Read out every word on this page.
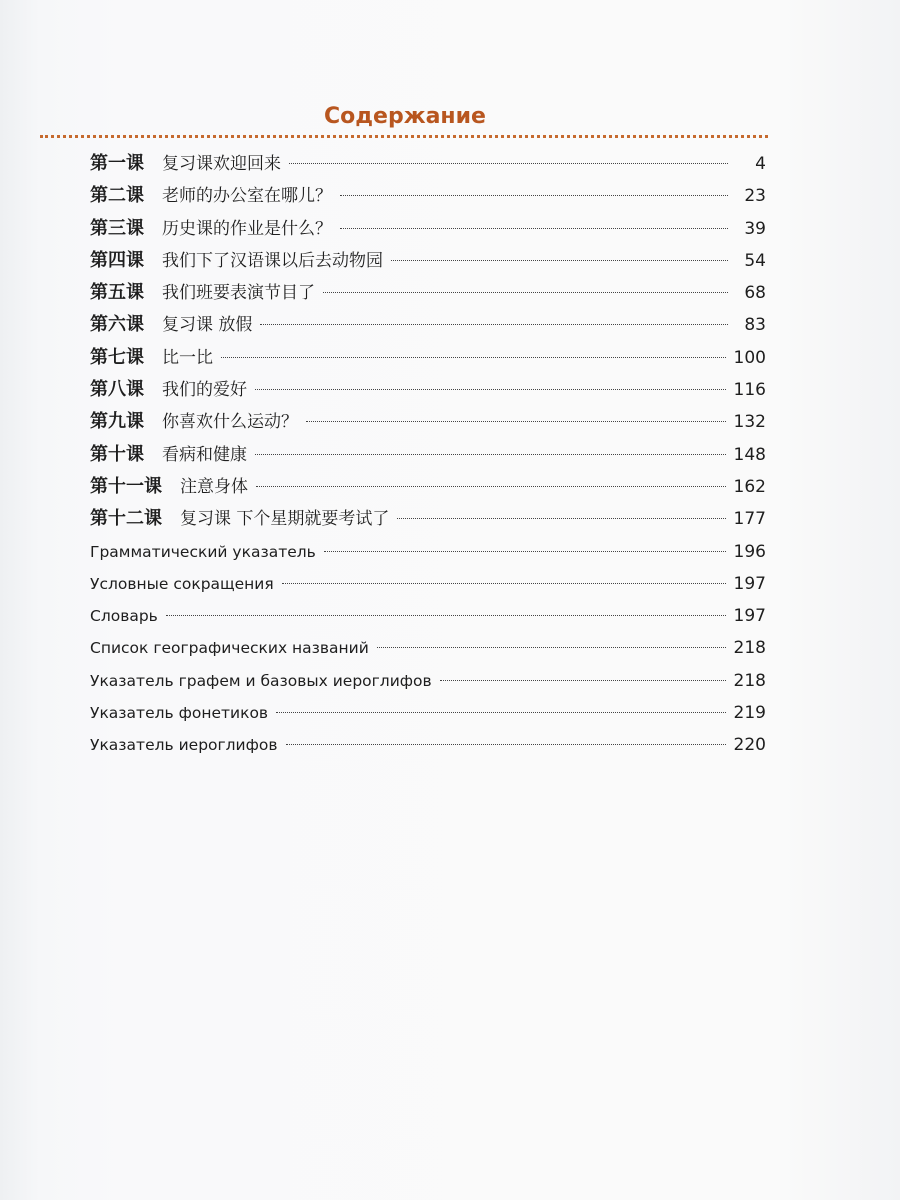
Содержание
第一课 复习课欢迎回来	4
第二课 老师的办公室在哪儿？	23
第三课 历史课的作业是什么？	39
第四课 我们下了汉语课以后去动物园	54
第五课 我们班要表演节目了	68
第六课 复习课 放假	83
第七课 比一比	100
第八课 我们的爱好	116
第九课 你喜欢什么运动？	132
第十课 看病和健康	148
第十一课 注意身体	162
第十二课 复习课 下个星期就要考试了	177
Грамматический указатель	196
Условные сокращения	197
Словарь	197
Список географических названий	218
Указатель графем и базовых иероглифов	218
Указатель фонетиков	219
Указатель иероглифов	220
